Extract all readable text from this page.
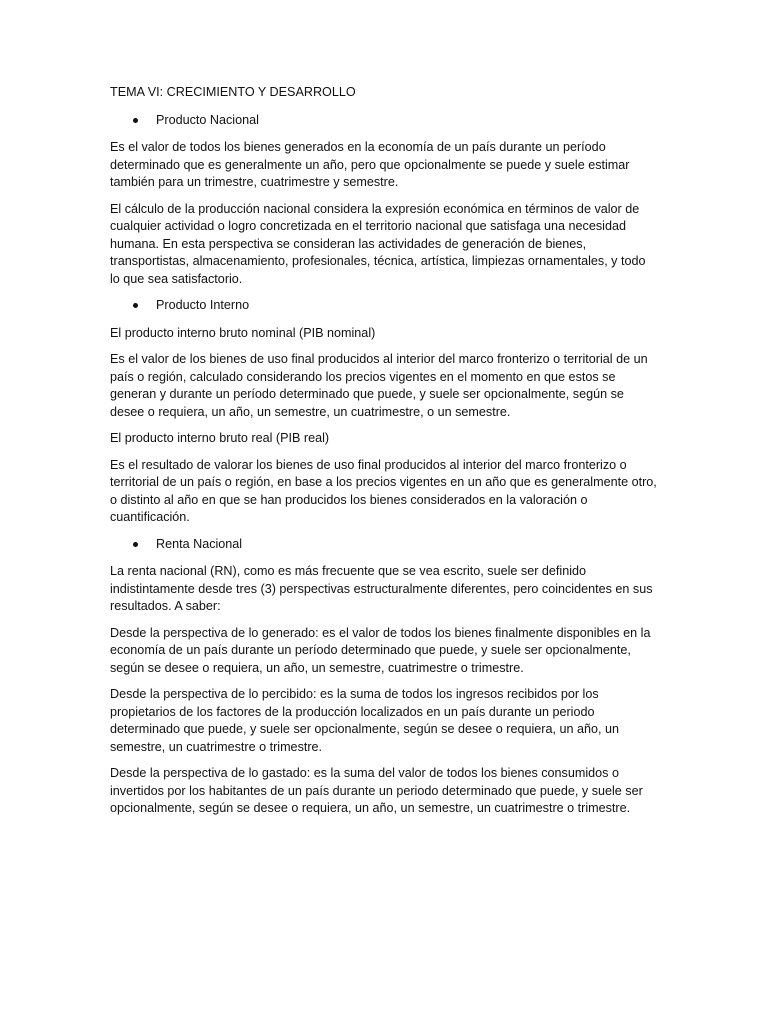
TEMA VI: CRECIMIENTO Y DESARROLLO
Producto Nacional
Es el valor de todos los bienes generados en la economía de un país durante un período determinado que es generalmente un año, pero que opcionalmente se puede y suele estimar también para un trimestre, cuatrimestre y semestre.
El cálculo de la producción nacional considera la expresión económica en términos de valor de cualquier actividad o logro concretizada en el territorio nacional que satisfaga una necesidad humana. En esta perspectiva se consideran las actividades de generación de bienes, transportistas, almacenamiento, profesionales, técnica, artística, limpiezas ornamentales, y todo lo que sea satisfactorio.
Producto Interno
El producto interno bruto nominal (PIB nominal)
Es el valor de los bienes de uso final producidos al interior del marco fronterizo o territorial de un país o región, calculado considerando los precios vigentes en el momento en que estos se generan y durante un período determinado que puede, y suele ser opcionalmente, según se desee o requiera, un año, un semestre, un cuatrimestre, o un semestre.
El producto interno bruto real (PIB real)
Es el resultado de valorar los bienes de uso final producidos al interior del marco fronterizo o territorial de un país o región, en base a los precios vigentes en un año que es generalmente otro, o distinto al año en que se han producidos los bienes considerados en la valoración o cuantificación.
Renta Nacional
La renta nacional (RN), como es más frecuente que se vea escrito, suele ser definido indistintamente desde tres (3) perspectivas estructuralmente diferentes, pero coincidentes en sus resultados. A saber:
Desde la perspectiva de lo generado: es el valor de todos los bienes finalmente disponibles en la economía de un país durante un período determinado que puede, y suele ser opcionalmente, según se desee o requiera, un año, un semestre, cuatrimestre o trimestre.
Desde la perspectiva de lo percibido: es la suma de todos los ingresos recibidos por los propietarios de los factores de la producción localizados en un país durante un periodo determinado que puede, y suele ser opcionalmente, según se desee o requiera, un año, un semestre, un cuatrimestre o trimestre.
Desde la perspectiva de lo gastado: es la suma del valor de todos los bienes consumidos o invertidos por los habitantes de un país durante un periodo determinado que puede, y suele ser opcionalmente, según se desee o requiera, un año, un semestre, un cuatrimestre o trimestre.
